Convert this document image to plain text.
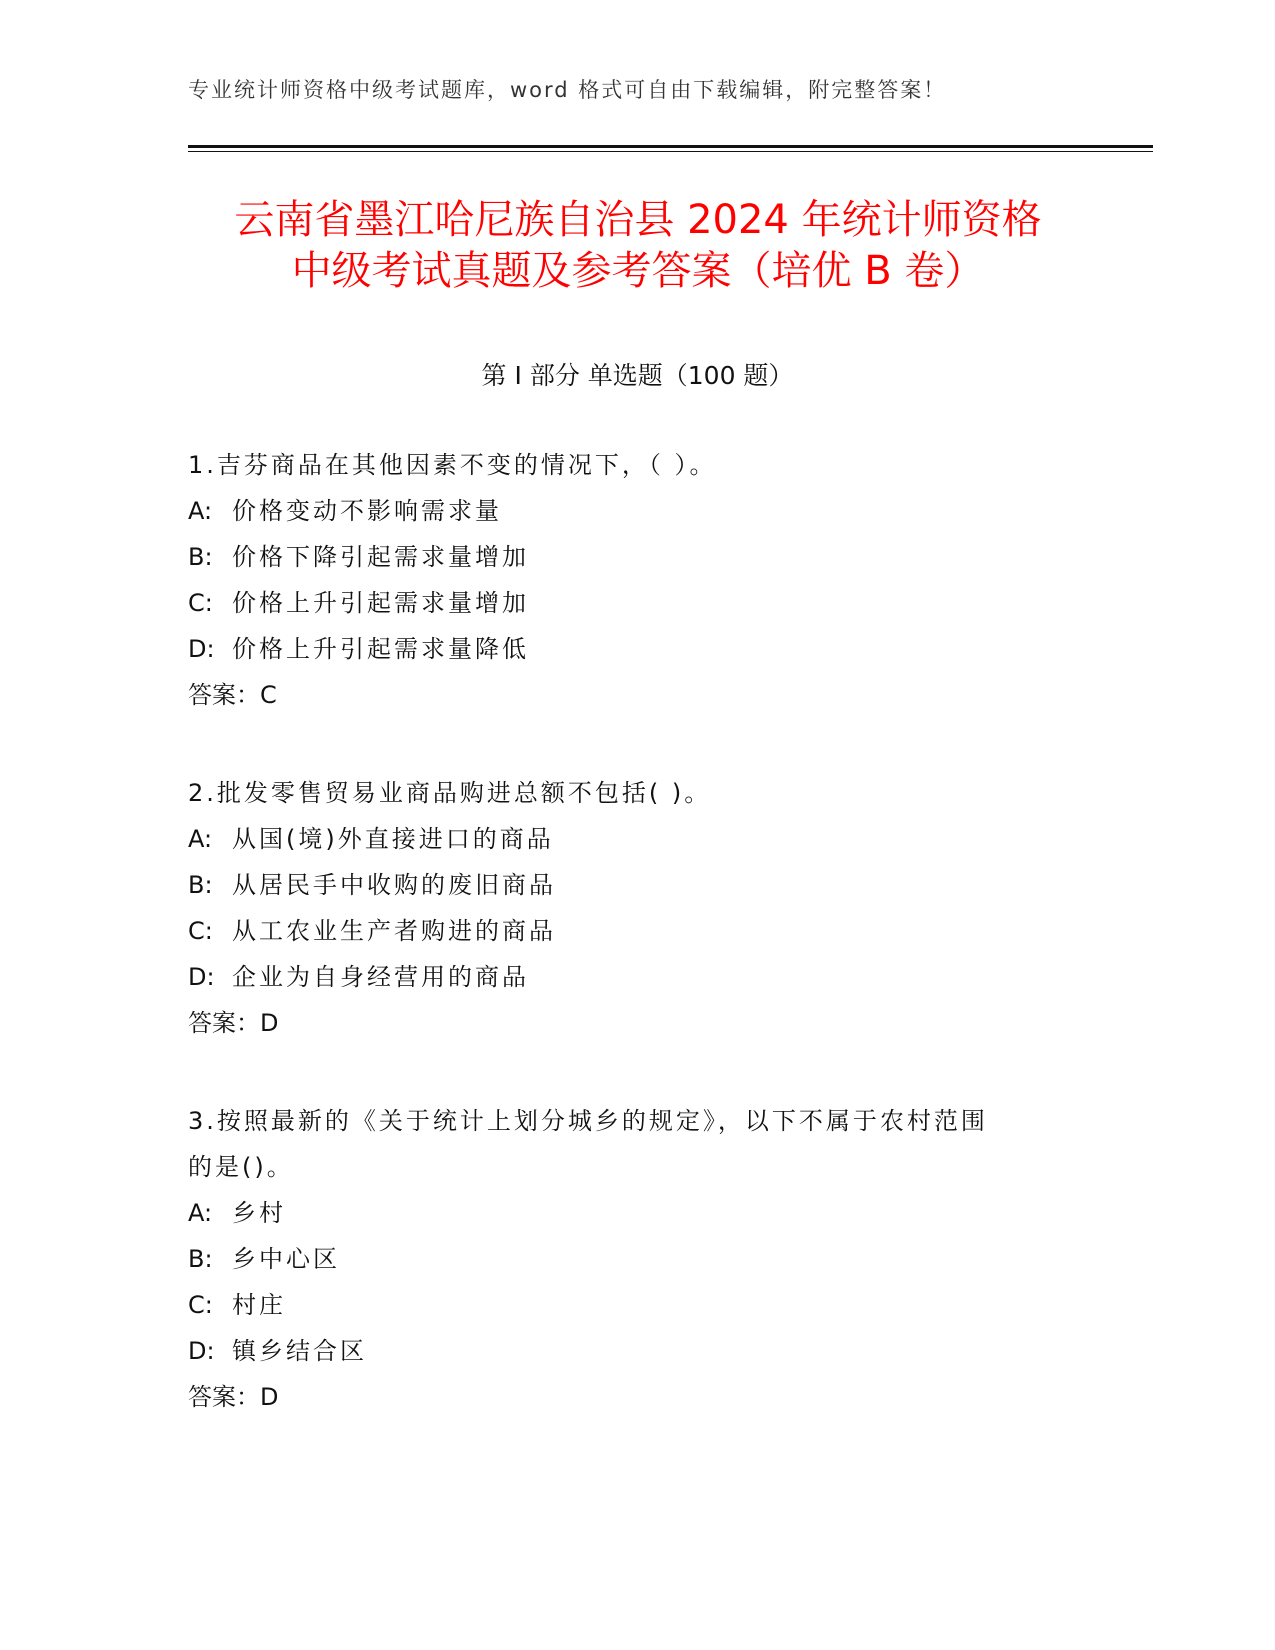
专业统计师资格中级考试题库，word 格式可自由下载编辑，附完整答案！
云南省墨江哈尼族自治县 2024 年统计师资格
中级考试真题及参考答案（培优 B 卷）
第 I 部分 单选题（100 题）

1.吉芬商品在其他因素不变的情况下，（ ）。

A: 价格变动不影响需求量

B: 价格下降引起需求量增加

C: 价格上升引起需求量增加

D: 价格上升引起需求量降低

答案：C

2.批发零售贸易业商品购进总额不包括( )。

A: 从国(境)外直接进口的商品

B: 从居民手中收购的废旧商品

C: 从工农业生产者购进的商品

D: 企业为自身经营用的商品

答案：D

3.按照最新的《关于统计上划分城乡的规定》，以下不属于农村范围

的是()。

A: 乡村

B: 乡中心区

C: 村庄

D: 镇乡结合区

答案：D
